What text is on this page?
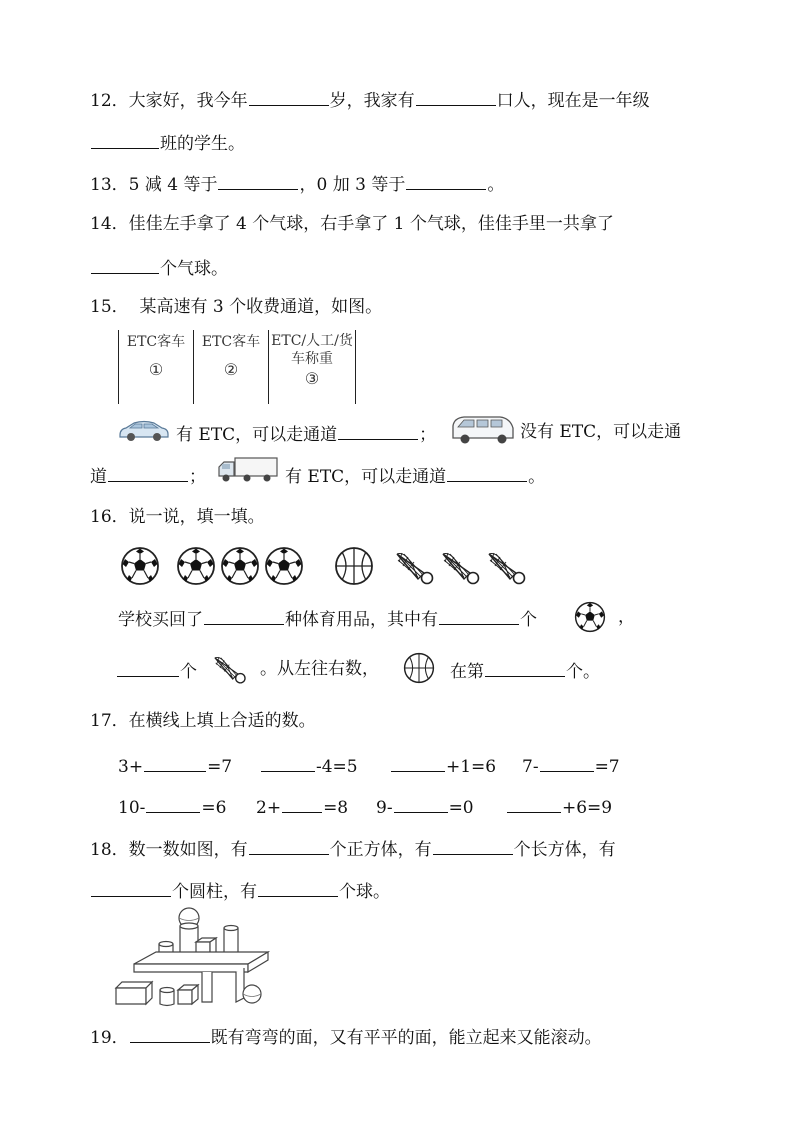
12．大家好，我今年	岁，我家有	口人，现在是一年级
班的学生。
13．5 减 4 等于	，0 加 3 等于	。
14．佳佳左手拿了 4 个气球，右手拿了 1 个气球，佳佳手里一共拿了
个气球。
15． 某高速有 3 个收费通道，如图。
ETC客车
①
	ETC客车
②
	ETC/人工/货车称重
③
有 ETC，可以走通道	；	没有 ETC，可以走通
道	；	有 ETC，可以走通道	。
16．说一说，填一填。
学校买回了	种体育用品，其中有	个	，
个	。从左往右数，	在第	个。
17．在横线上填上合适的数。
3+	=7	-4=5	+1=6 7-	=7
10-	=6 2+ =8 9-	=0	+6=9
18．数一数如图，有	个正方体，有	个长方体，有
个圆柱，有	个球。
19．	既有弯弯的面，又有平平的面，能立起来又能滚动。
